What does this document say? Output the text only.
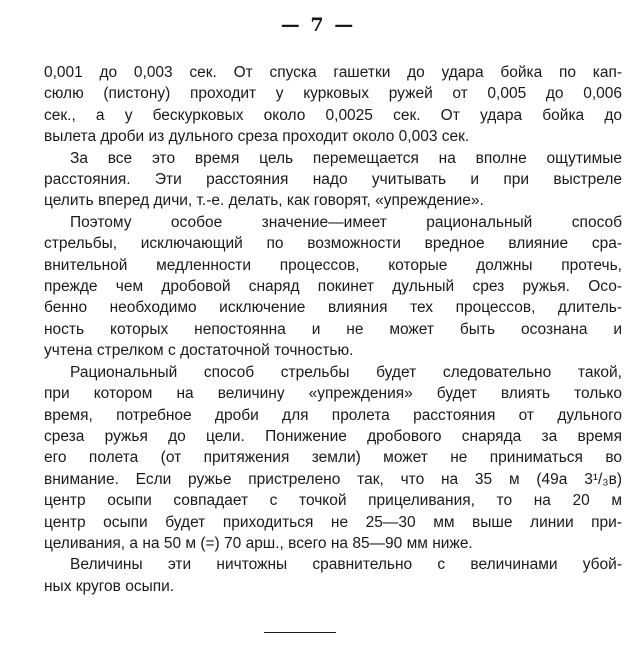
— 7 —
0,001 до 0,003 сек. От спуска гашетки до удара бойка по кап-
сюлю (пистону) проходит у курковых ружей от 0,005 до 0,006
сек., а у бескурковых около 0,0025 сек. От удара бойка до
вылета дроби из дульного среза проходит около 0,003 сек.
За все это время цель перемещается на вполне ощутимые
расстояния. Эти расстояния надо учитывать и при выстреле
целить вперед дичи, т.-е. делать, как говорят, «упреждение».
Поэтому особое значение—имеет рациональный способ
стрельбы, исключающий по возможности вредное влияние сра-
внительной медленности процессов, которые должны протечь,
прежде чем дробовой снаряд покинет дульный срез ружья. Осо-
бенно необходимо исключение влияния тех процессов, длитель-
ность которых непостоянна и не может быть осознана и
учтена стрелком с достаточной точностью.
Рациональный способ стрельбы будет следовательно такой,
при котором на величину «упреждения» будет влиять только
время, потребное дроби для пролета расстояния от дульного
среза ружья до цели. Понижение дробового снаряда за время
его полета (от притяжения земли) может не приниматься во
внимание. Если ружье пристрелено так, что на 35 м (49а 3¹/₃в)
центр осыпи совпадает с точкой прицеливания, то на 20 м
центр осыпи будет приходиться не 25—30 мм выше линии при-
целивания, а на 50 м (=) 70 арш., всего на 85—90 мм ниже.
Величины эти ничтожны сравнительно с величинами убой-
ных кругов осыпи.
